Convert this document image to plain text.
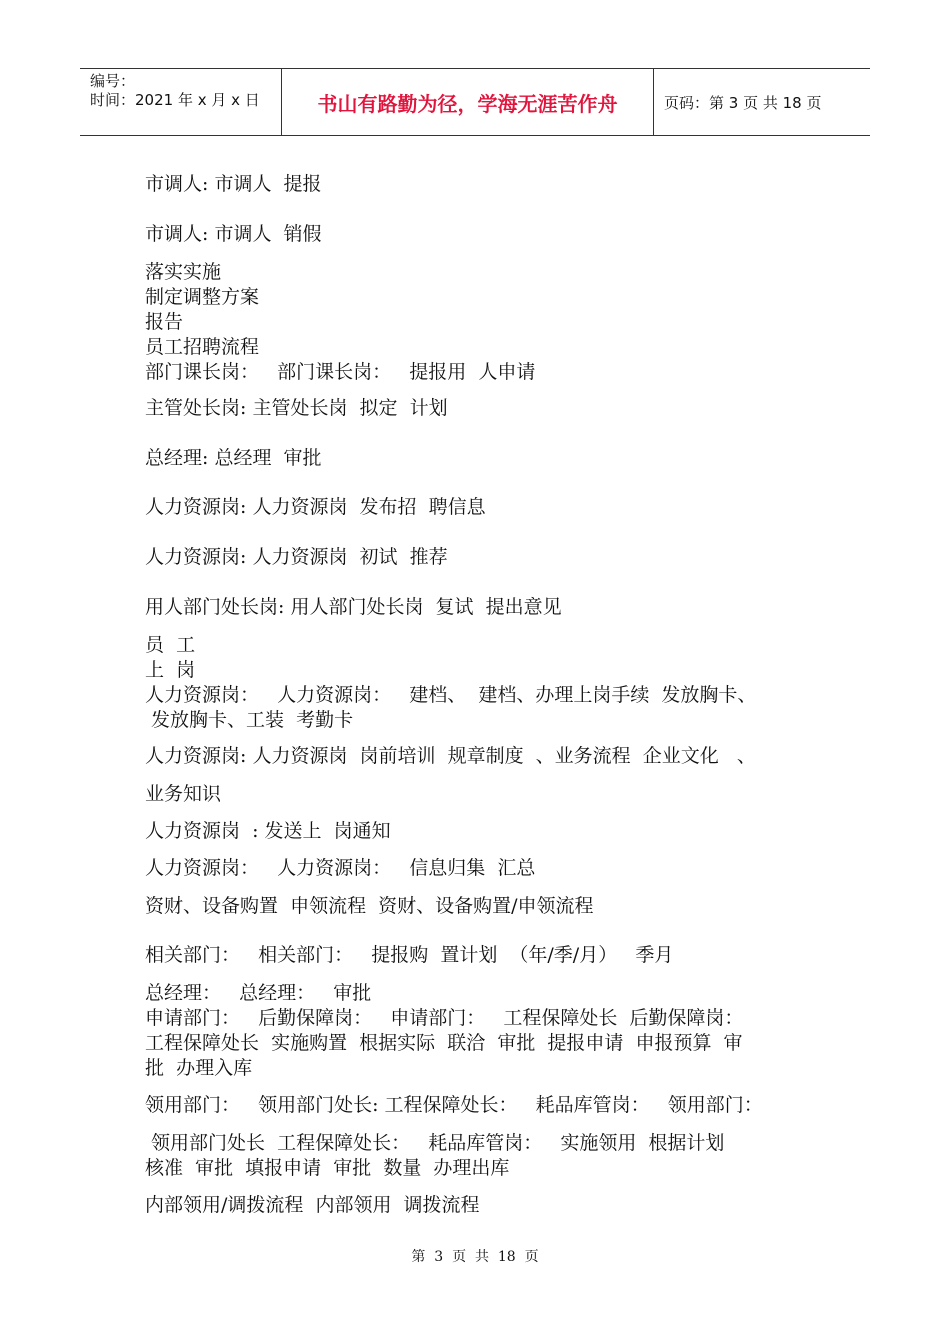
编号：
时间：2021 年 x 月 x 日	书山有路勤为径，学海无涯苦作舟	页码：第 3 页 共 18 页
市调人: 市调人  提报
市调人: 市调人  销假
落实实施
制定调整方案
报告
员工招聘流程
部门课长岗：   部门课长岗：   提报用  人申请
主管处长岗: 主管处长岗  拟定  计划
总经理: 总经理  审批
人力资源岗: 人力资源岗  发布招  聘信息
人力资源岗: 人力资源岗  初试  推荐
用人部门处长岗: 用人部门处长岗  复试  提出意见
员  工
上  岗
人力资源岗：   人力资源岗：   建档、  建档、办理上岗手续  发放胸卡、
发放胸卡、工装  考勤卡
人力资源岗: 人力资源岗  岗前培训  规章制度  、业务流程  企业文化   、
业务知识
人力资源岗  : 发送上  岗通知
人力资源岗：   人力资源岗：   信息归集  汇总
资财、设备购置  申领流程  资财、设备购置/申领流程
相关部门：   相关部门：   提报购  置计划  （年/季/月）   季月
总经理：   总经理：   审批
申请部门：   后勤保障岗：   申请部门：   工程保障处长  后勤保障岗：
工程保障处长  实施购置  根据实际  联洽  审批  提报申请  申报预算  审
批  办理入库
领用部门：   领用部门处长: 工程保障处长：   耗品库管岗：   领用部门：
领用部门处长  工程保障处长：   耗品库管岗：   实施领用  根据计划
核准  审批  填报申请  审批  数量  办理出库
内部领用/调拨流程  内部领用  调拨流程
第  3  页  共  18  页
